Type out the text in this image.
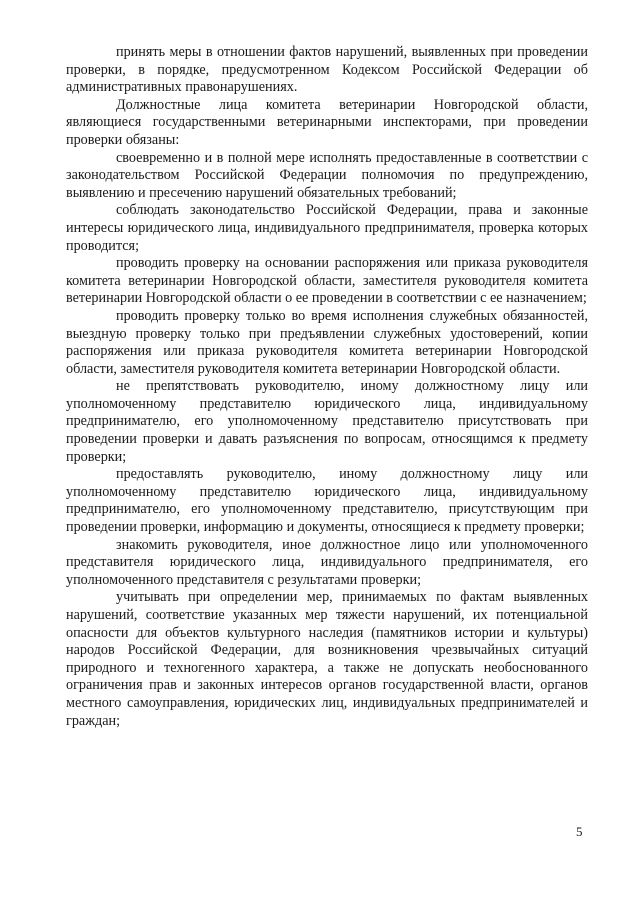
принять меры в отношении фактов нарушений, выявленных при проведении проверки, в порядке, предусмотренном Кодексом Российской Федерации об административных правонарушениях.

Должностные лица комитета ветеринарии Новгородской области, являющиеся государственными ветеринарными инспекторами, при проведении проверки обязаны:

своевременно и в полной мере исполнять предоставленные в соответствии с законодательством Российской Федерации полномочия по предупреждению, выявлению и пресечению нарушений обязательных требований;

соблюдать законодательство Российской Федерации, права и законные интересы юридического лица, индивидуального предпринимателя, проверка которых проводится;

проводить проверку на основании распоряжения или приказа руководителя комитета ветеринарии Новгородской области, заместителя руководителя комитета ветеринарии Новгородской области о ее проведении в соответствии с ее назначением;

проводить проверку только во время исполнения служебных обязанностей, выездную проверку только при предъявлении служебных удостоверений, копии распоряжения или приказа руководителя комитета ветеринарии Новгородской области, заместителя руководителя комитета ветеринарии Новгородской области.

не препятствовать руководителю, иному должностному лицу или уполномоченному представителю юридического лица, индивидуальному предпринимателю, его уполномоченному представителю присутствовать при проведении проверки и давать разъяснения по вопросам, относящимся к предмету проверки;

предоставлять руководителю, иному должностному лицу или уполномоченному представителю юридического лица, индивидуальному предпринимателю, его уполномоченному представителю, присутствующим при проведении проверки, информацию и документы, относящиеся к предмету проверки;

знакомить руководителя, иное должностное лицо или уполномоченного представителя юридического лица, индивидуального предпринимателя, его уполномоченного представителя с результатами проверки;

учитывать при определении мер, принимаемых по фактам выявленных нарушений, соответствие указанных мер тяжести нарушений, их потенциальной опасности для объектов культурного наследия (памятников истории и культуры) народов Российской Федерации, для возникновения чрезвычайных ситуаций природного и техногенного характера, а также не допускать необоснованного ограничения прав и законных интересов органов государственной власти, органов местного самоуправления, юридических лиц, индивидуальных предпринимателей и граждан;

5
